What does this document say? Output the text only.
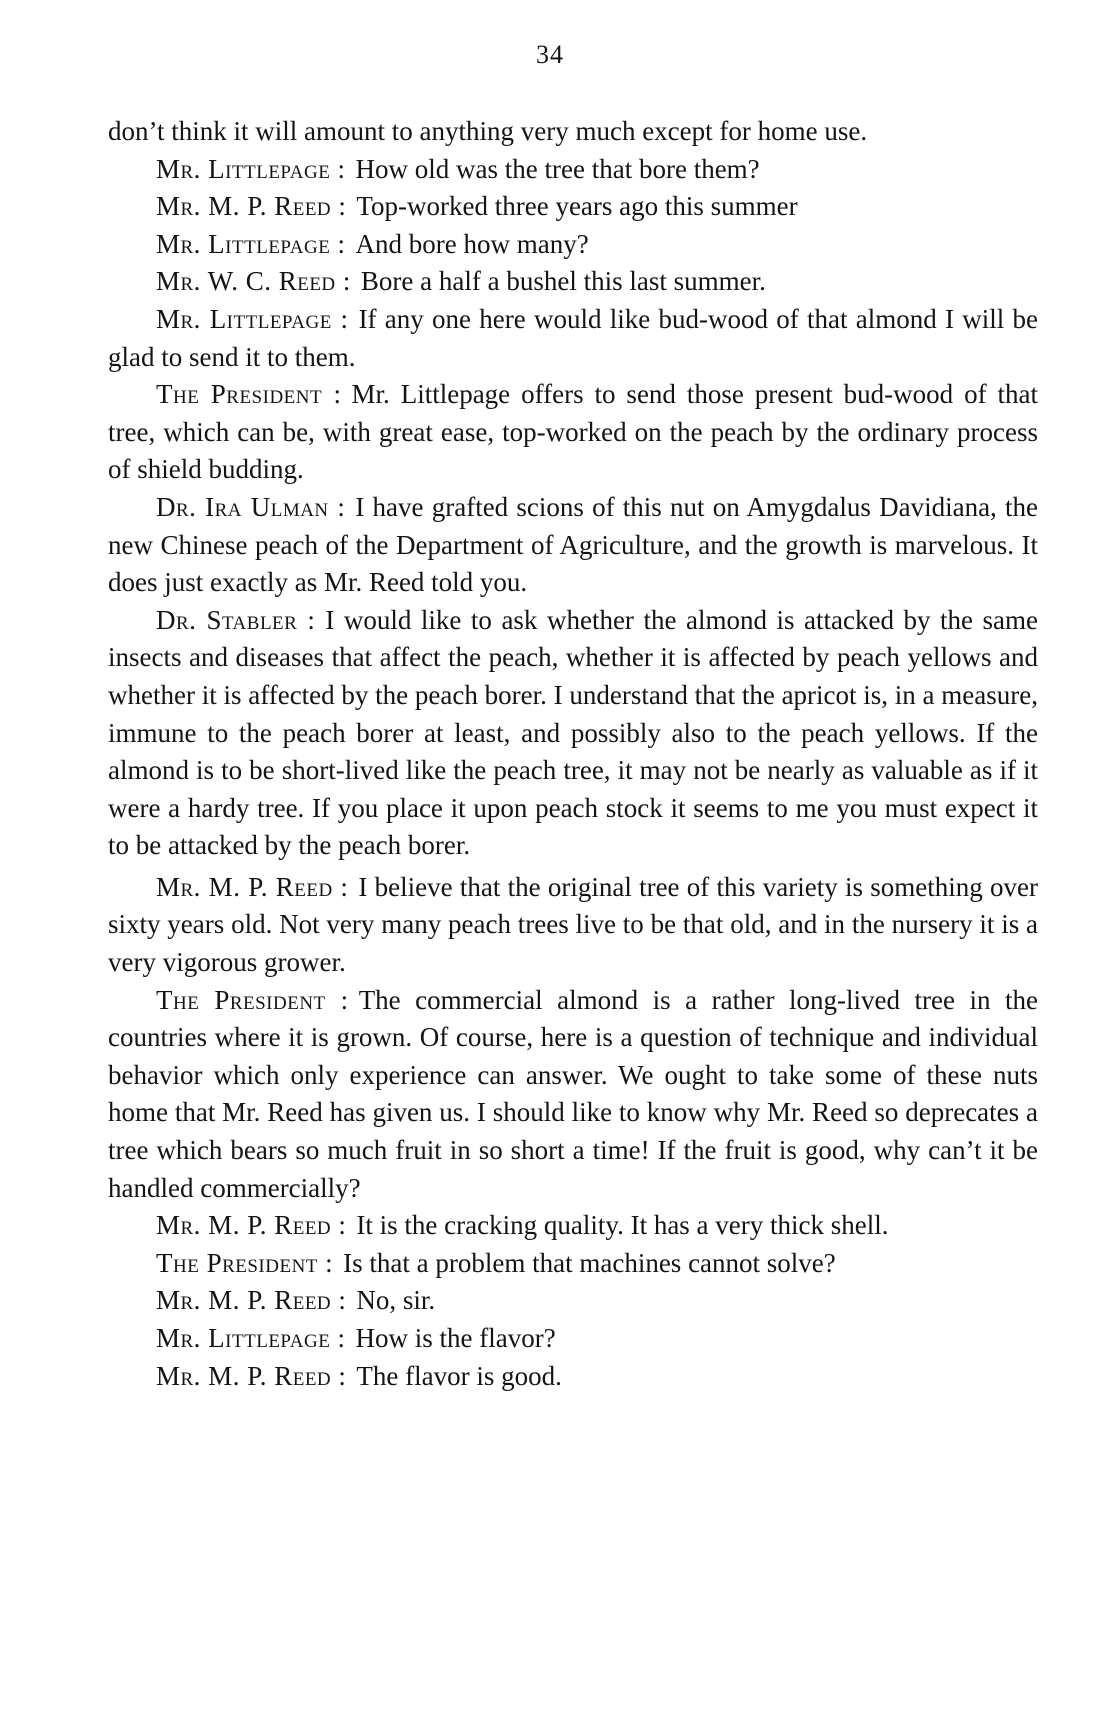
34

don’t think it will amount to anything very much except for home use.

Mr. Littlepage : How old was the tree that bore them?

Mr. M. P. Reed : Top-worked three years ago this summer

Mr. Littlepage : And bore how many?

Mr. W. C. Reed : Bore a half a bushel this last summer.

Mr. Littlepage : If any one here would like bud-wood of that almond I will be glad to send it to them.

The President : Mr. Littlepage offers to send those present bud-wood of that tree, which can be, with great ease, top-worked on the peach by the ordinary process of shield budding.

Dr. Ira Ulman : I have grafted scions of this nut on Amygdalus Davidiana, the new Chinese peach of the Department of Agriculture, and the growth is marvelous. It does just exactly as Mr. Reed told you.

Dr. Stabler : I would like to ask whether the almond is attacked by the same insects and diseases that affect the peach, whether it is affected by peach yellows and whether it is affected by the peach borer. I understand that the apricot is, in a measure, immune to the peach borer at least, and possibly also to the peach yellows. If the almond is to be short-lived like the peach tree, it may not be nearly as valuable as if it were a hardy tree. If you place it upon peach stock it seems to me you must expect it to be attacked by the peach borer.

Mr. M. P. Reed : I believe that the original tree of this variety is something over sixty years old. Not very many peach trees live to be that old, and in the nursery it is a very vigorous grower.

The President : The commercial almond is a rather long-lived tree in the countries where it is grown. Of course, here is a question of technique and individual behavior which only experience can answer. We ought to take some of these nuts home that Mr. Reed has given us. I should like to know why Mr. Reed so deprecates a tree which bears so much fruit in so short a time! If the fruit is good, why can’t it be handled commercially?

Mr. M. P. Reed : It is the cracking quality. It has a very thick shell.

The President : Is that a problem that machines cannot solve?

Mr. M. P. Reed : No, sir.

Mr. Littlepage : How is the flavor?

Mr. M. P. Reed : The flavor is good.
